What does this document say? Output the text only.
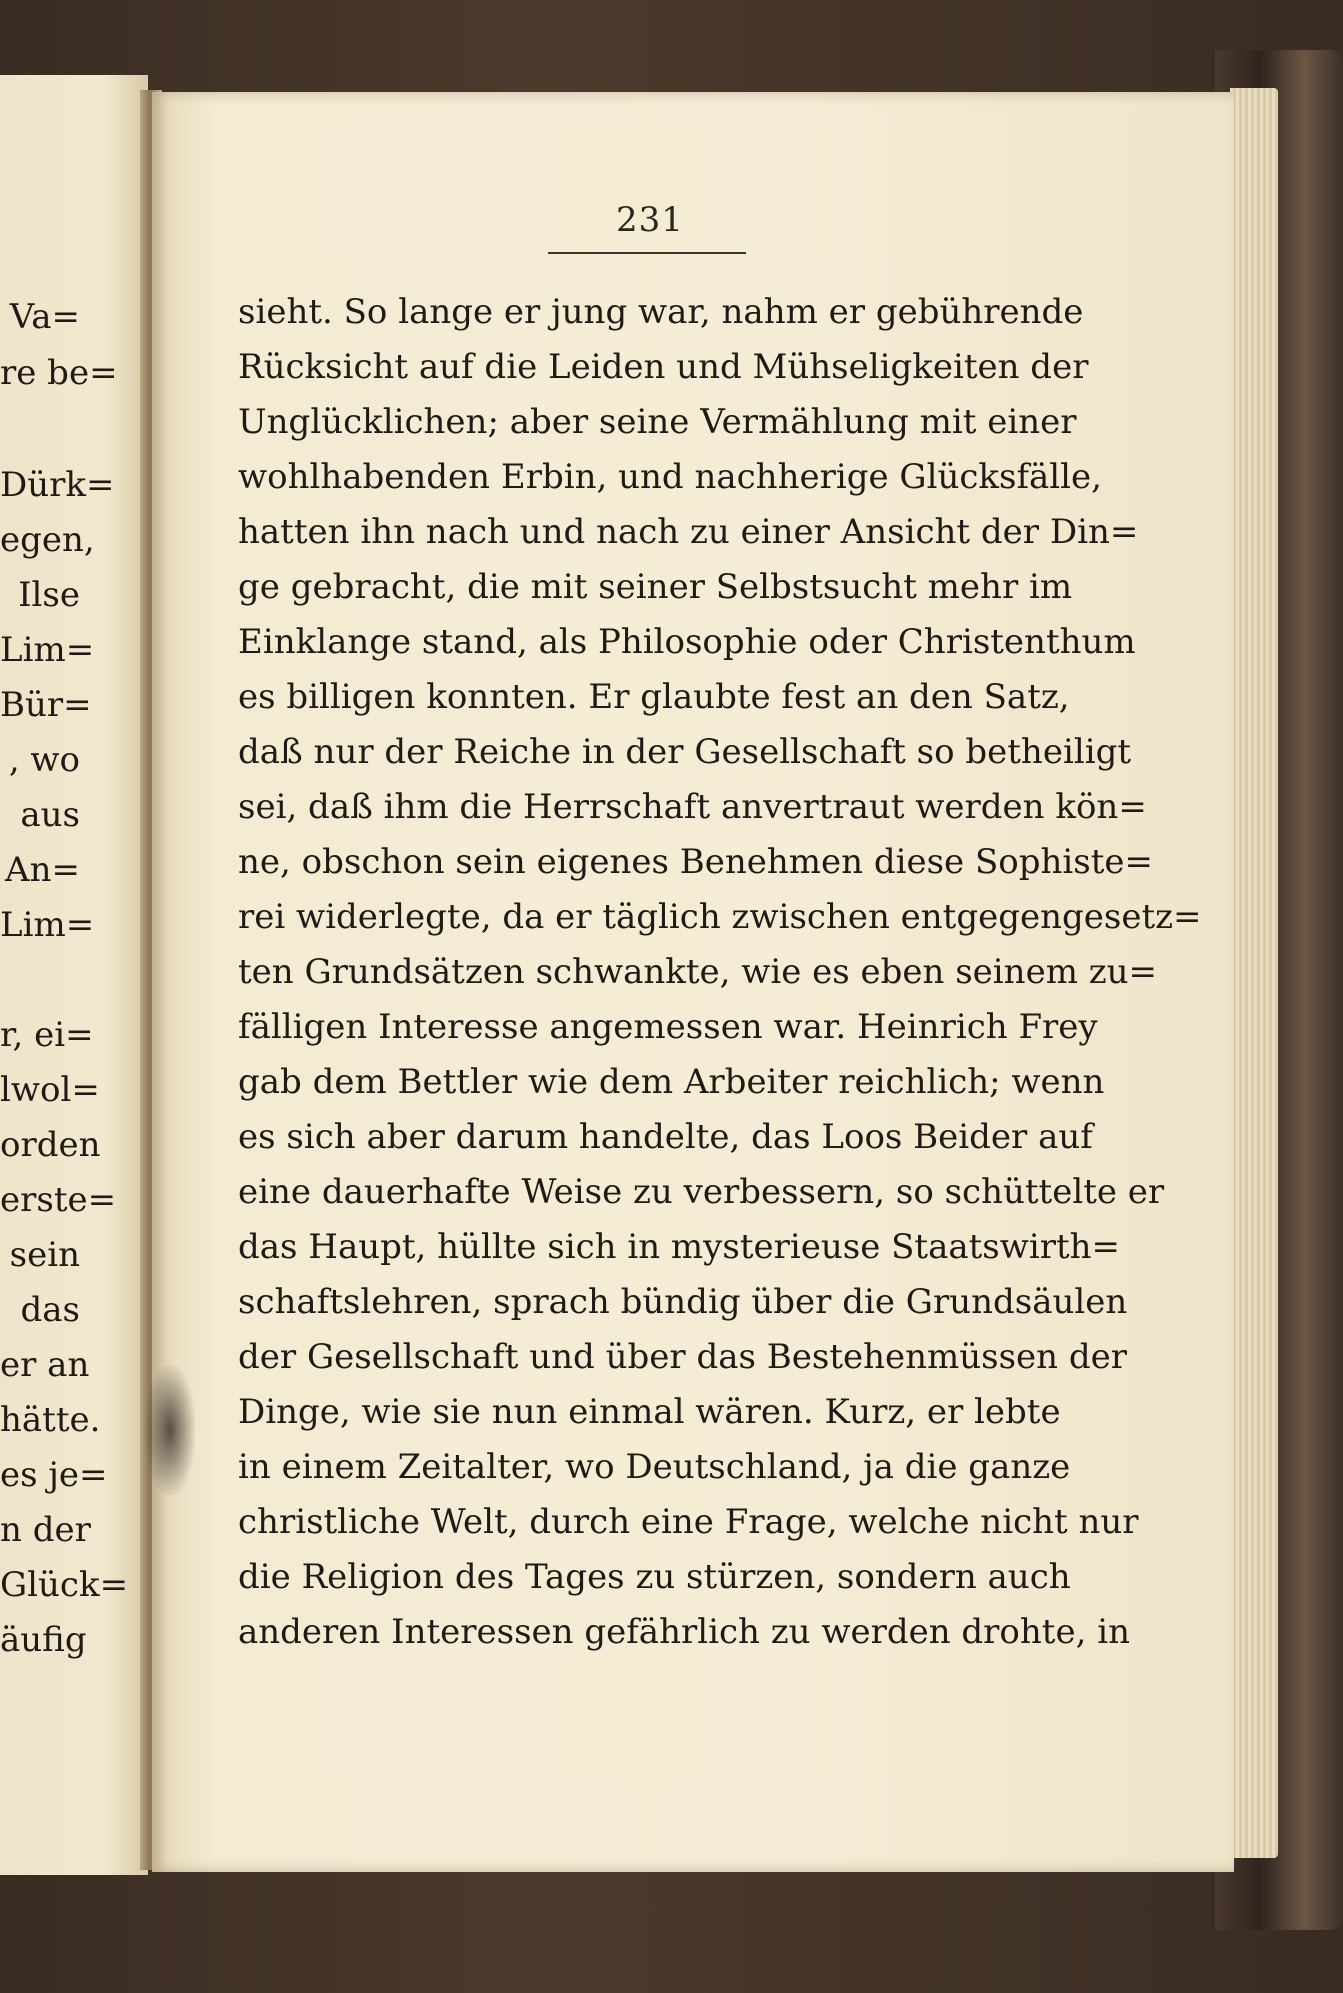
Va=
re be=
Dürk=
egen,
Ilse
Lim=
Bür=
, wo
aus
An=
Lim=
r, ei=
lwol=
orden
erste=
sein
das
er an
hätte.
es je=
n der
Glück=
äufig
231
sieht. So lange er jung war, nahm er gebührende
Rücksicht auf die Leiden und Mühseligkeiten der
Unglücklichen; aber seine Vermählung mit einer
wohlhabenden Erbin, und nachherige Glücksfälle,
hatten ihn nach und nach zu einer Ansicht der Din=
ge gebracht, die mit seiner Selbstsucht mehr im
Einklange stand, als Philosophie oder Christenthum
es billigen konnten. Er glaubte fest an den Satz,
daß nur der Reiche in der Gesellschaft so betheiligt
sei, daß ihm die Herrschaft anvertraut werden kön=
ne, obschon sein eigenes Benehmen diese Sophiste=
rei widerlegte, da er täglich zwischen entgegengesetz=
ten Grundsätzen schwankte, wie es eben seinem zu=
fälligen Interesse angemessen war. Heinrich Frey
gab dem Bettler wie dem Arbeiter reichlich; wenn
es sich aber darum handelte, das Loos Beider auf
eine dauerhafte Weise zu verbessern, so schüttelte er
das Haupt, hüllte sich in mysterieuse Staatswirth=
schaftslehren, sprach bündig über die Grundsäulen
der Gesellschaft und über das Bestehenmüssen der
Dinge, wie sie nun einmal wären. Kurz, er lebte
in einem Zeitalter, wo Deutschland, ja die ganze
christliche Welt, durch eine Frage, welche nicht nur
die Religion des Tages zu stürzen, sondern auch
anderen Interessen gefährlich zu werden drohte, in
